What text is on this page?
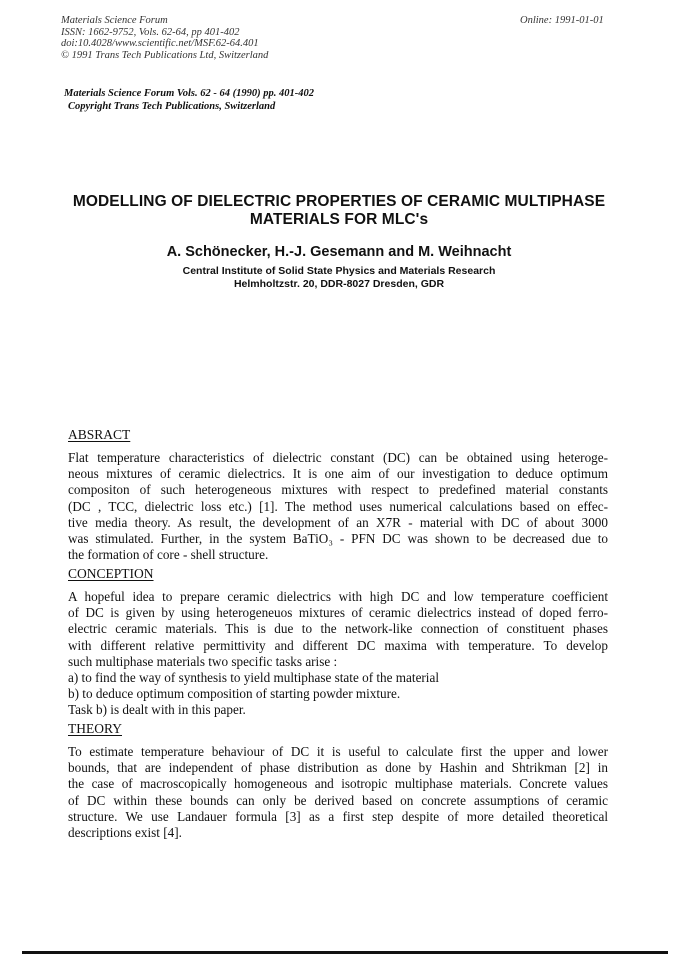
Materials Science Forum
ISSN: 1662-9752, Vols. 62-64, pp 401-402
doi:10.4028/www.scientific.net/MSF.62-64.401
© 1991 Trans Tech Publications Ltd, Switzerland
Online: 1991-01-01
Materials Science Forum Vols. 62 - 64 (1990) pp. 401-402
Copyright Trans Tech Publications, Switzerland
MODELLING OF DIELECTRIC PROPERTIES OF CERAMIC MULTIPHASE
MATERIALS FOR MLC's
A. Schönecker, H.-J. Gesemann and M. Weihnacht
Central Institute of Solid State Physics and Materials Research
Helmholtzstr. 20, DDR-8027 Dresden, GDR
ABSRACT
Flat temperature characteristics of dielectric constant (DC) can be obtained using heteroge-
neous mixtures of ceramic dielectrics. It is one aim of our investigation to deduce optimum
compositon of such heterogeneous mixtures with respect to predefined material constants
(DC , TCC, dielectric loss etc.) [1]. The method uses numerical calculations based on effec-
tive media theory. As result, the development of an X7R - material with DC of about 3000
was stimulated. Further, in the system BaTiO₃ - PFN DC was shown to be decreased due to
the formation of core - shell structure.
CONCEPTION
A hopeful idea to prepare ceramic dielectrics with high DC and low temperature coefficient
of DC is given by using heterogeneuos mixtures of ceramic dielectrics instead of doped ferro-
electric ceramic materials. This is due to the network-like connection of constituent phases
with different relative permittivity and different DC maxima with temperature. To develop
such multiphase materials two specific tasks arise :
a) to find the way of synthesis to yield multiphase state of the material
b) to deduce optimum composition of starting powder mixture.
Task b) is dealt with in this paper.
THEORY
To estimate temperature behaviour of DC it is useful to calculate first the upper and lower
bounds, that are independent of phase distribution as done by Hashin and Shtrikman [2] in
the case of macroscopically homogeneous and isotropic multiphase materials. Concrete values
of DC within these bounds can only be derived based on concrete assumptions of ceramic
structure. We use Landauer formula [3] as a first step despite of more detailed theoretical
descriptions exist [4].
